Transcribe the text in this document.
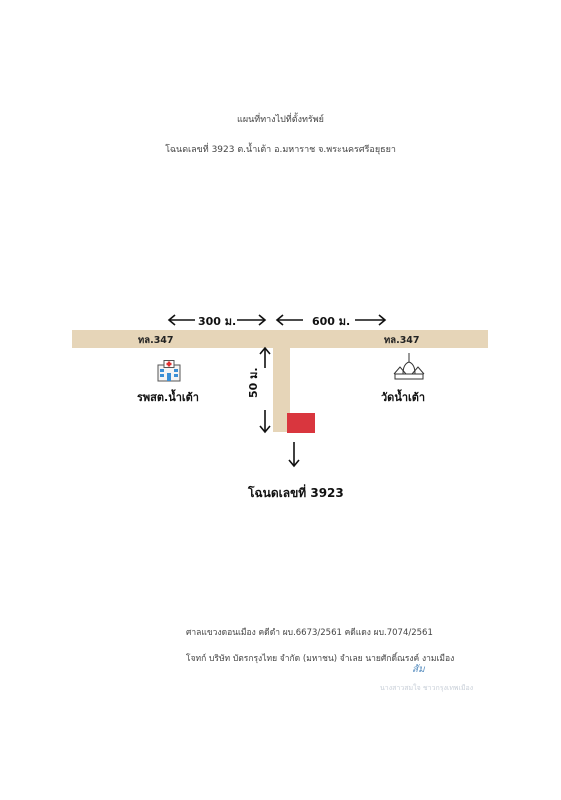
แผนที่ทางไปที่ตั้งทรัพย์
โฉนดเลขที่ 3923 ต.น้ำเต้า อ.มหาราช จ.พระนครศรีอยุธยา
300 ม.	600 ม.
ทล.347	ทล.347
50 ม.
โฉนดเลขที่ 3923
รพสต.น้ำเต้า	วัดน้ำเต้า
ศาลแขวงดอนเมือง คดีดำ ผบ.6673/2561 คดีแดง ผบ.7074/2561
โจทก์ บริษัท บัตรกรุงไทย จำกัด (มหาชน) จำเลย นายศักดิ์ณรงค์ งามเมือง
สัม
นางสาวสมใจ ชาวกรุงเทพเมือง
